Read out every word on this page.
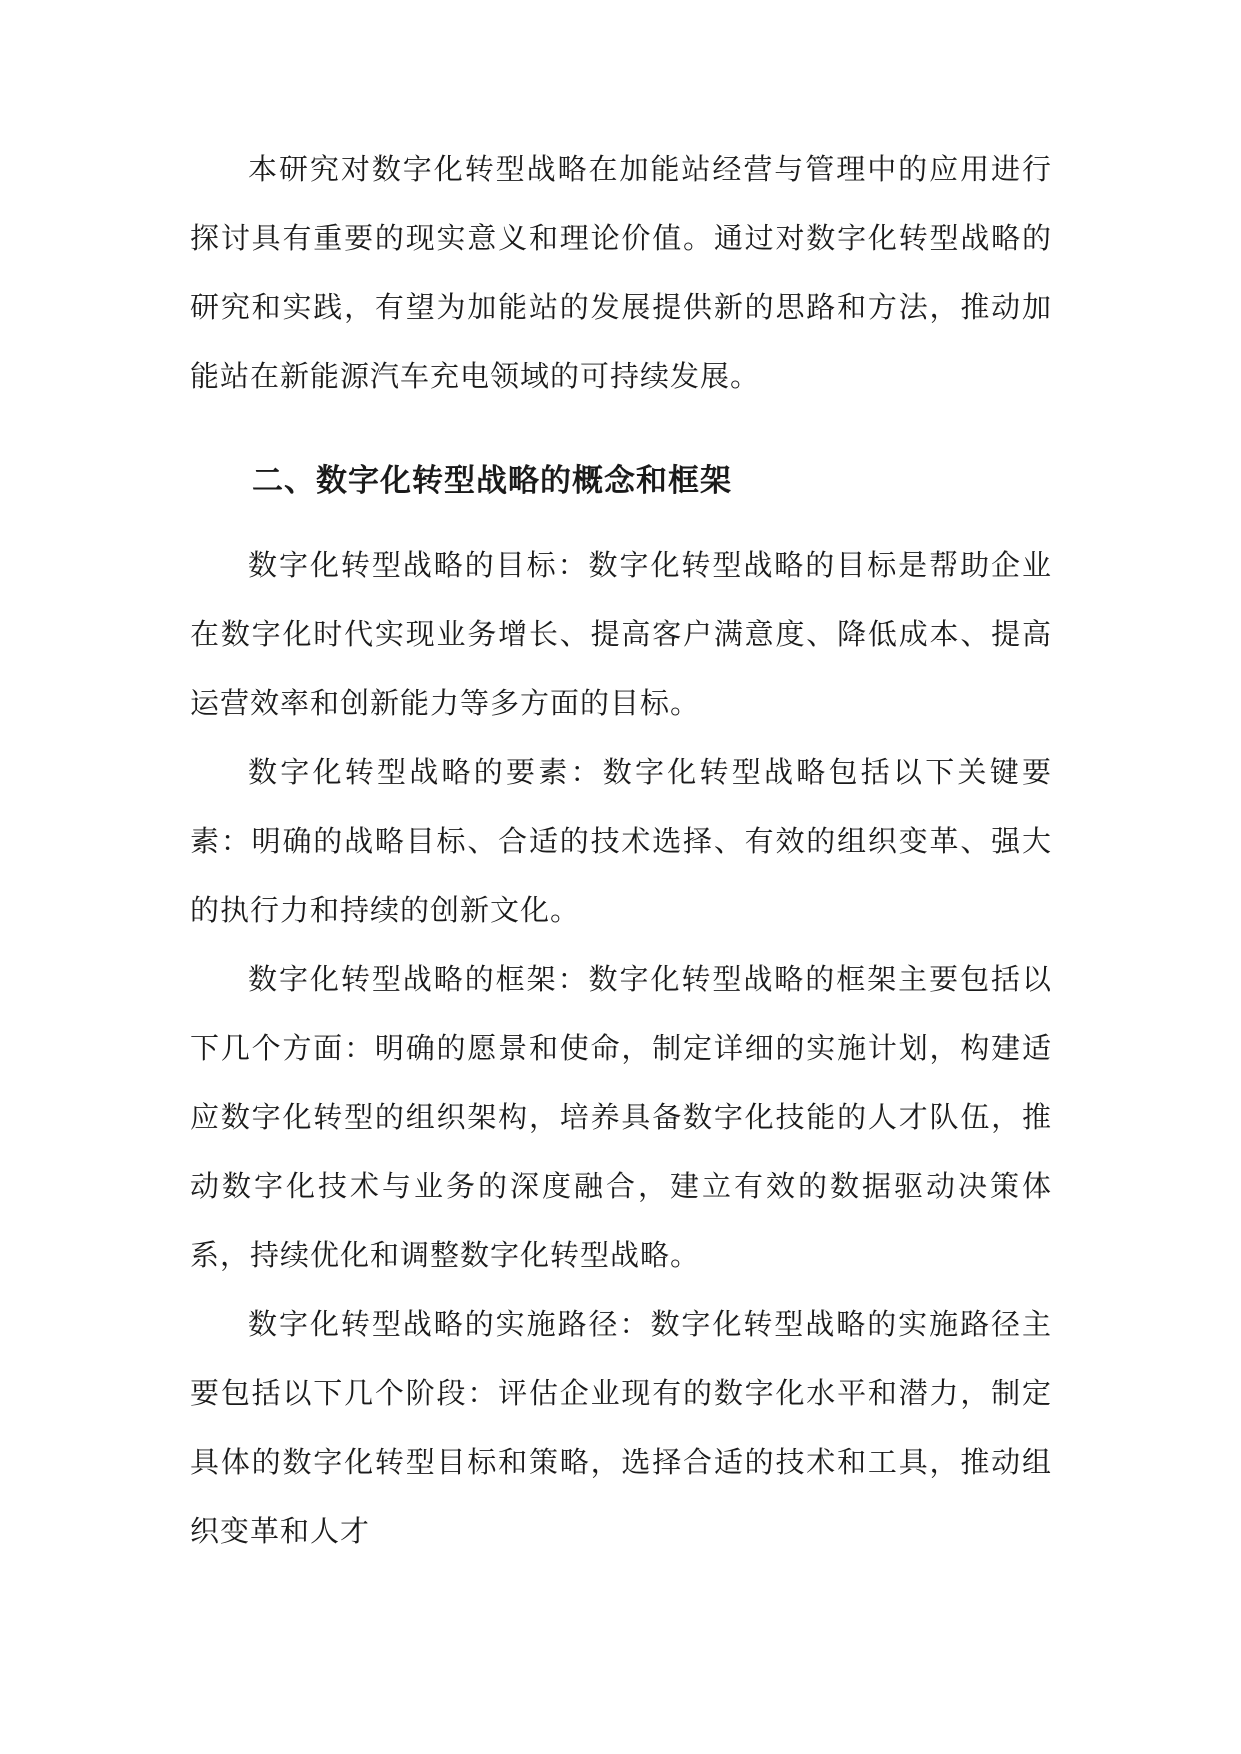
本研究对数字化转型战略在加能站经营与管理中的应用进行探讨具有重要的现实意义和理论价值。通过对数字化转型战略的研究和实践，有望为加能站的发展提供新的思路和方法，推动加能站在新能源汽车充电领域的可持续发展。

二、数字化转型战略的概念和框架

数字化转型战略的目标：数字化转型战略的目标是帮助企业在数字化时代实现业务增长、提高客户满意度、降低成本、提高运营效率和创新能力等多方面的目标。

数字化转型战略的要素：数字化转型战略包括以下关键要素：明确的战略目标、合适的技术选择、有效的组织变革、强大的执行力和持续的创新文化。

数字化转型战略的框架：数字化转型战略的框架主要包括以下几个方面：明确的愿景和使命，制定详细的实施计划，构建适应数字化转型的组织架构，培养具备数字化技能的人才队伍，推动数字化技术与业务的深度融合，建立有效的数据驱动决策体系，持续优化和调整数字化转型战略。

数字化转型战略的实施路径：数字化转型战略的实施路径主要包括以下几个阶段：评估企业现有的数字化水平和潜力，制定具体的数字化转型目标和策略，选择合适的技术和工具，推动组织变革和人才
